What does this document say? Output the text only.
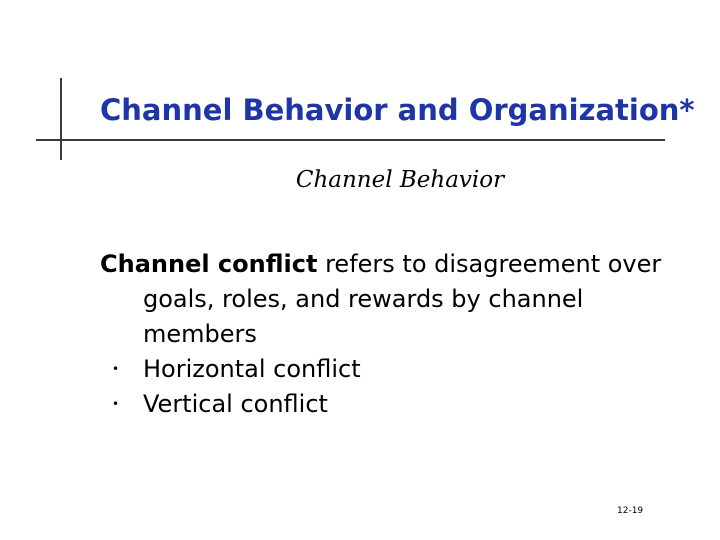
Channel Behavior and Organization*
Channel Behavior
Channel conflict refers to disagreement over goals, roles, and rewards by channel members
• Horizontal conflict
• Vertical conflict
12-19
